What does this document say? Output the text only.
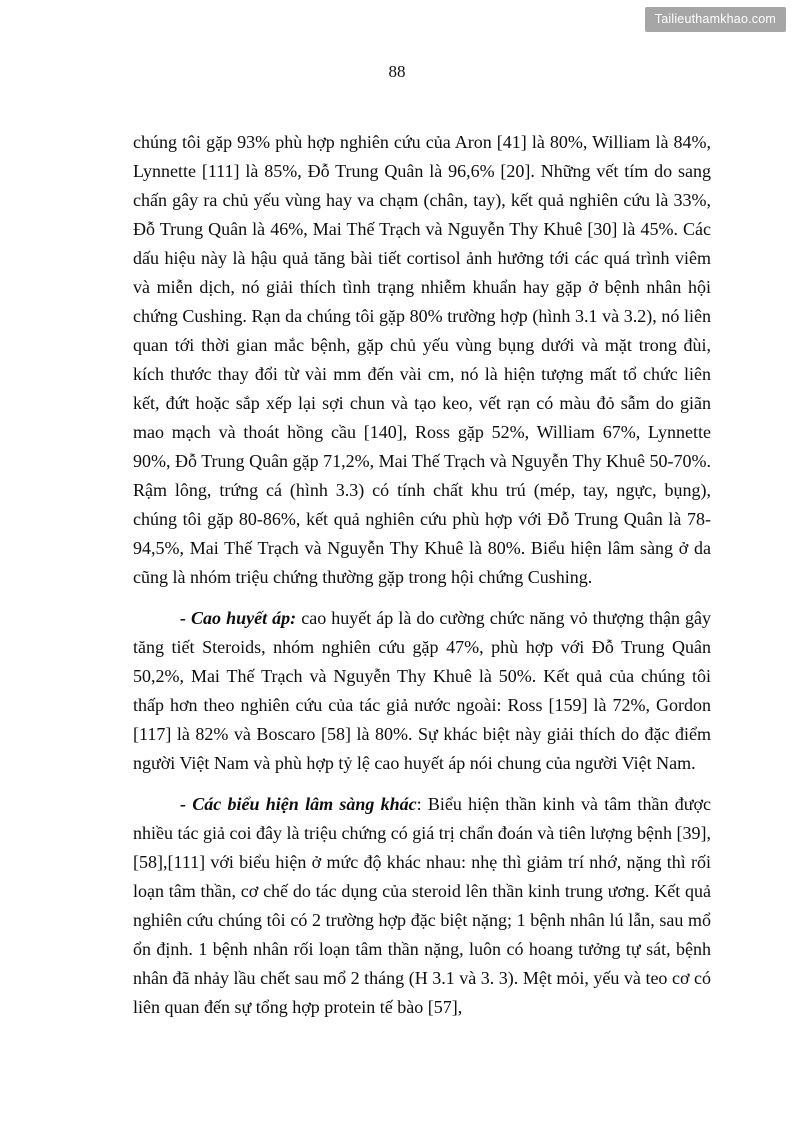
Tailieuthamkhao.com
88

chúng tôi gặp 93% phù hợp nghiên cứu của Aron [41] là 80%, William là 84%, Lynnette [111] là 85%, Đỗ Trung Quân là 96,6% [20]. Những vết tím do sang chấn gây ra chủ yếu vùng hay va chạm (chân, tay), kết quả nghiên cứu là 33%, Đỗ Trung Quân là 46%, Mai Thế Trạch và Nguyễn Thy Khuê [30] là 45%. Các dấu hiệu này là hậu quả tăng bài tiết cortisol ảnh hưởng tới các quá trình viêm và miễn dịch, nó giải thích tình trạng nhiễm khuẩn hay gặp ở bệnh nhân hội chứng Cushing. Rạn da chúng tôi gặp 80% trường hợp (hình 3.1 và 3.2), nó liên quan tới thời gian mắc bệnh, gặp chủ yếu vùng bụng dưới và mặt trong đùi, kích thước thay đổi từ vài mm đến vài cm, nó là hiện tượng mất tổ chức liên kết, đứt hoặc sắp xếp lại sợi chun và tạo keo, vết rạn có màu đỏ sẫm do giãn mao mạch và thoát hồng cầu [140], Ross gặp 52%, William 67%, Lynnette 90%, Đỗ Trung Quân gặp 71,2%, Mai Thế Trạch và Nguyễn Thy Khuê 50-70%. Rậm lông, trứng cá (hình 3.3) có tính chất khu trú (mép, tay, ngực, bụng), chúng tôi gặp 80-86%, kết quả nghiên cứu phù hợp với Đỗ Trung Quân là 78-94,5%, Mai Thế Trạch và Nguyễn Thy Khuê là 80%. Biểu hiện lâm sàng ở da cũng là nhóm triệu chứng thường gặp trong hội chứng Cushing.

- Cao huyết áp: cao huyết áp là do cường chức năng vỏ thượng thận gây tăng tiết Steroids, nhóm nghiên cứu gặp 47%, phù hợp với Đỗ Trung Quân 50,2%, Mai Thế Trạch và Nguyễn Thy Khuê là 50%. Kết quả của chúng tôi thấp hơn theo nghiên cứu của tác giả nước ngoài: Ross [159] là 72%, Gordon [117] là 82% và Boscaro [58] là 80%. Sự khác biệt này giải thích do đặc điểm người Việt Nam và phù hợp tỷ lệ cao huyết áp nói chung của người Việt Nam.

- Các biểu hiện lâm sàng khác: Biểu hiện thần kinh và tâm thần được nhiều tác giả coi đây là triệu chứng có giá trị chẩn đoán và tiên lượng bệnh [39],[58],[111] với biểu hiện ở mức độ khác nhau: nhẹ thì giảm trí nhớ, nặng thì rối loạn tâm thần, cơ chế do tác dụng của steroid lên thần kinh trung ương. Kết quả nghiên cứu chúng tôi có 2 trường hợp đặc biệt nặng; 1 bệnh nhân lú lẫn, sau mổ ổn định. 1 bệnh nhân rối loạn tâm thần nặng, luôn có hoang tưởng tự sát, bệnh nhân đã nhảy lầu chết sau mổ 2 tháng (H 3.1 và 3. 3). Mệt mỏi, yếu và teo cơ có liên quan đến sự tổng hợp protein tế bào [57],
